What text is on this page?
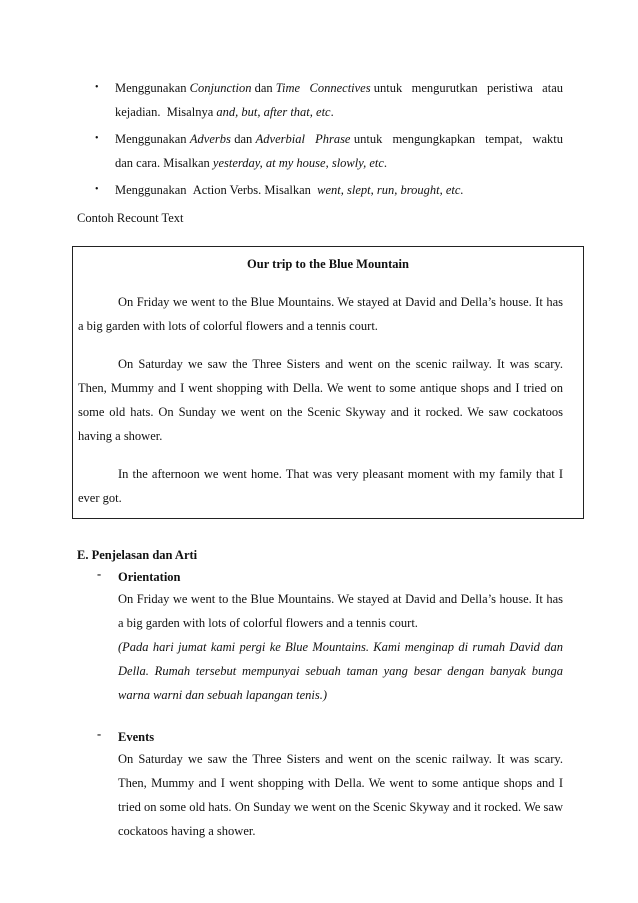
• Menggunakan Conjunction dan Time   Connectives untuk   mengurutkan   peristiwa   atau kejadian.  Misalnya and, but, after that, etc.
• Menggunakan Adverbs dan Adverbial   Phrase untuk   mengungkapkan   tempat,   waktu dan cara. Misalkan yesterday, at my house, slowly, etc.
• Menggunakan  Action Verbs. Misalkan  went, slept, run, brought, etc.
Contoh Recount Text
Our trip to the Blue Mountain

On Friday we went to the Blue Mountains. We stayed at David and Della’s house. It has a big garden with lots of colorful flowers and a tennis court.

On Saturday we saw the Three Sisters and went on the scenic railway. It was scary. Then, Mummy and I went shopping with Della. We went to some antique shops and I tried on some old hats. On Sunday we went on the Scenic Skyway and it rocked. We saw cockatoos having a shower.

In the afternoon we went home. That was very pleasant moment with my family that I ever got.

E. Penjelasan dan Arti
- Orientation

On Friday we went to the Blue Mountains. We stayed at David and Della’s house. It has a big garden with lots of colorful flowers and a tennis court.

(Pada hari jumat kami pergi ke Blue Mountains. Kami menginap di rumah David dan Della. Rumah tersebut mempunyai sebuah taman yang besar dengan banyak bunga warna warni dan sebuah lapangan tenis.)

- Events

On Saturday we saw the Three Sisters and went on the scenic railway. It was scary. Then, Mummy and I went shopping with Della. We went to some antique shops and I tried on some old hats. On Sunday we went on the Scenic Skyway and it rocked. We saw cockatoos having a shower.
